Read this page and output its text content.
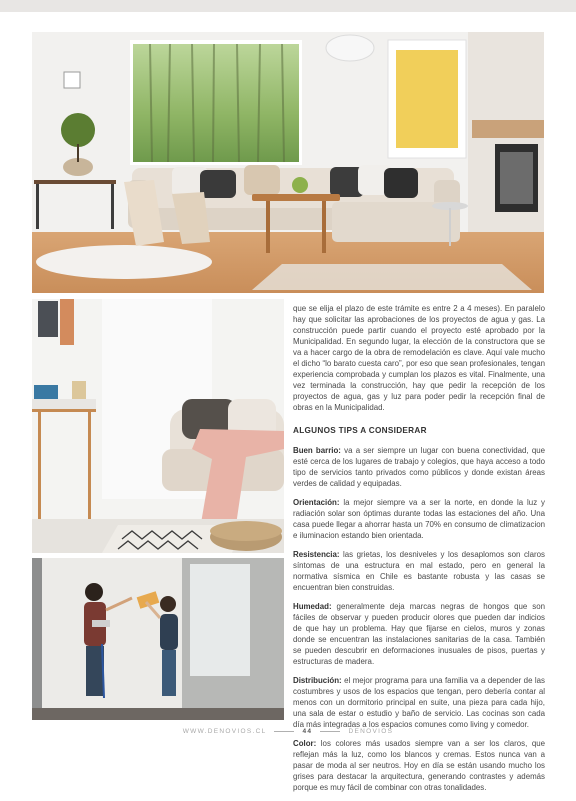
que se elija el plazo de este trámite es entre 2 a 4 meses). En paralelo hay que solicitar las aprobaciones de los proyectos de agua y gas. La construcción puede partir cuando el proyecto esté aprobado por la Municipalidad. En segundo lugar, la elección de la constructora que se va a hacer cargo de la obra de remodelación es clave. Aquí vale mucho el dicho “lo barato cuesta caro”, por eso que sean profesionales, tengan experiencia comprobada y cumplan los plazos es vital. Finalmente, una vez terminada la construcción, hay que pedir la recepción de los proyectos de agua, gas y luz para poder pedir la recepción final de obras en la Municipalidad.

ALGUNOS TIPS A CONSIDERAR

Buen barrio: va a ser siempre un lugar con buena conectividad, que esté cerca de los lugares de trabajo y colegios, que haya acceso a todo tipo de servicios tanto privados como públicos y donde existan áreas verdes de calidad y equipadas.

Orientación: la mejor siempre va a ser la norte, en donde la luz y radiación solar son óptimas durante todas las estaciones del año. Una casa puede llegar a ahorrar hasta un 70% en consumo de climatizacion e iluminacion estando bien orientada.

Resistencia: las grietas, los desniveles y los desaplomos son claros síntomas de una estructura en mal estado, pero en general la normativa sísmica en Chile es bastante robusta y las casas se encuentran bien construidas.

Humedad: generalmente deja marcas negras de hongos que son fáciles de observar y pueden producir olores que pueden dar indicios de que hay un problema. Hay que fijarse en cielos, muros y zonas donde se encuentran las instalaciones sanitarias de la casa. También se pueden descubrir en deformaciones inusuales de pisos, puertas y estructuras de madera.

Distribución: el mejor programa para una familia va a depender de las costumbres y usos de los espacios que tengan, pero debería contar al menos con un dormitorio principal en suite, una pieza para cada hijo, una sala de estar o estudio y baño de servicio. Las cocinas son cada día más integradas a los espacios comunes como living y comedor.

Color: los colores más usados siempre van a ser los claros, que reflejan más la luz, como los blancos y cremas. Estos nunca van a pasar de moda al ser neutros. Hoy en día se están usando mucho los grises para destacar la arquitectura, generando contrastes y además porque es muy fácil de combinar con otras tonalidades.

WWW.DENOVIOS.CL	44	DENOVIOS
